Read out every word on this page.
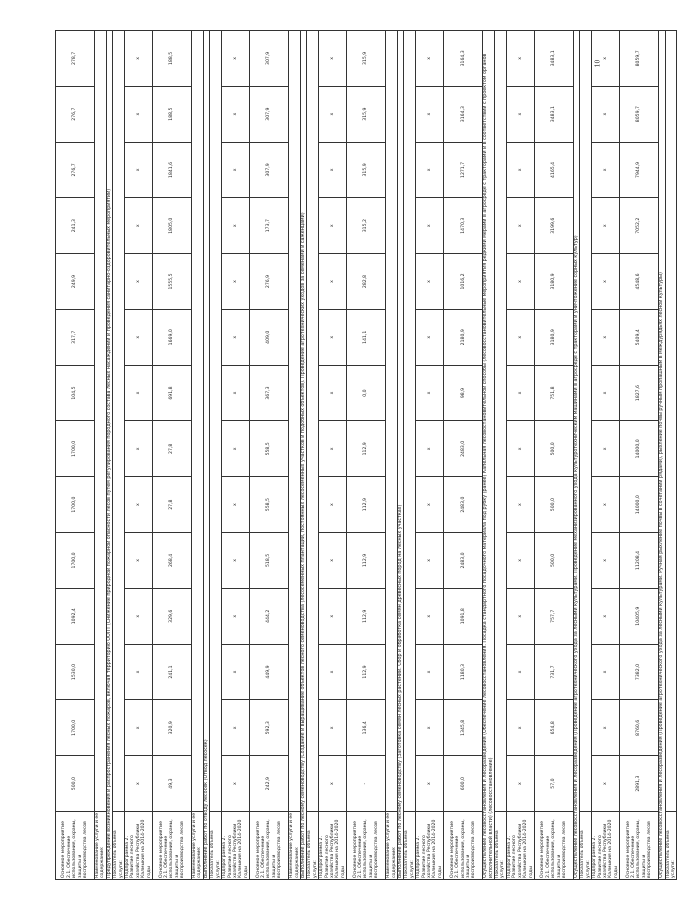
Основное мероприятие 2.1. Обеспечение использования, охраны, защиты и воспроизводства лесов	500,0	1700,0	1530,0	1092,4	1700,0	1700,0	1700,0	104,5	317,7	249,9	241,3	276,7	276,7	278,7
Наименование услуги и ее содержание:														
Предупреждение возникновения и распространения лесных пожаров, включая территорию ООПТ (Снижение природной пожарной опасности лесов путем регулирования породного состава лесных насаждений и проведения санитарно-оздоровительных мероприятий)														
Показатель объема услуги:														
Подпрограмма 2. Развитие лесного хозяйства Республики Калмыкия на 2014-2020 годы	x	x	x	x	x	x	x	x	x	x	x	x	x	x
Основное мероприятие 2.1. Обеспечение использования, охраны, защиты и воспроизводства лесов	49,3	320,9	241,1	329,6	268,4	27,8	27,8	691,8	1669,0	1555,5	1805,0	1841,6	188,5	188,5
Наименование услуги и ее содержание:														
Выполнение работ по отводу лесосек (Отвод лесосек)														
Показатель объема услуги:														
Подпрограмма 2. Развитие лесного хозяйства Республики Калмыкия на 2014-2020 годы	x	x	x	x	x	x	x	x	x	x	x	x	x	x
Основное мероприятие 2.1. Обеспечение использования, охраны, защиты и воспроизводства лесов	242,9	592,3	449,9	444,2	518,5	558,5	558,5	367,3	409,0	276,9	173,7	307,9	307,9	307,9
Наименование услуги и ее содержание:														
Выполнение работ по лесному семеноводству (Создание и выращивание объектов лесного семеноводства (лесосеменных плантаций, постоянных лесосеменных участков и подобных объектов). Проведение агротехнических уходов за семенами и саженцами)														
Показатель объема услуги:														
Подпрограмма 2. Развитие лесного хозяйства Республики Калмыкия на 2014-2020 годы	x	x	x	x	x	x	x	x	x	x	x	x	x	x
Основное мероприятие 2.1. Обеспечение использования, охраны, защиты и воспроизводства лесов	-	136,4	112,9	112,9	112,9	112,9	112,9	0,0	141,1	282,8	315,2	315,9	315,9	315,9
Наименование услуги и ее содержание:														
Выполнение работ по лесному семеноводству (Заготовка семян лесных растений. Сбор и обработка семян древесных пород на лесных участках)														
Показатель объема услуги:														
Подпрограмма 2. Развитие лесного хозяйства Республики Калмыкия на 2014-2020 годы	x	x	x	x	x	x	x	x	x	x	x	x	x	x
Основное мероприятие 2.1. Обеспечение использования, охраны, защиты и воспроизводства лесов	600,0	1345,8	1180,3	1091,8	2483,0	2483,0	2483,0	98,9	2180,9	1016,2	1470,3	1271,7	3164,3	3164,3
Осуществление лесовосстановления и лесоразведения (Обеспечение лесовосстановления. Посадка стандартного посадочного материала под рубку (ранее) Капельная лесовостановительной способы (лесовосстановительные мероприятия редкими мерами в агросреде с тракторами и в соответствии с проектом органов исполнительной власти) (лесовосстановление)														
Показатель объема услуги:														
Подпрограмма 2. Развитие лесного хозяйства Республики Калмыкия на 2014-2020 годы	x	x	x	x	x	x	x	x	x	x	x	x	x	x
Основное мероприятие 2.1. Обеспечение использования, охраны, защиты и воспроизводства лесов	57,0	654,8	731,7	757,7	500,0	500,0	500,0	751,8	3180,9	3180,9	3199,6	4165,4	3483,1	3483,1
Осуществление лесовосстановления и лесоразведения (Проведение агротехнического ухода за лесными культурами. Проведение механизированного ухода культуротехническим машинами в агросреде с тракторами и уничтожение сорных культур)														
Показатель объема услуги:														
Подпрограмма 2. Развитие лесного хозяйства Республики Калмыкия на 2014-2020 годы	x	x	x	x	x	x	x	x	x	x	x	x	x	x
Основное мероприятие 2.1. Обеспечение использования, охраны, защиты и воспроизводства лесов	2891,3	8760,6	7382,0	10405,9	11208,4	14000,0	14000,0	1827,6	5409,4	4548,6	7052,2	7944,9	8059,7	8059,7
Осуществление лесовосстановления и лесоразведения (Проведение агротехнического ухода за лесными культурами. Ручная рыхление почвы в сочетании рядами), рыхление почвы ручным пропашным в междурядьях лесной культуры)														
Показатель объема услуги:														
10
